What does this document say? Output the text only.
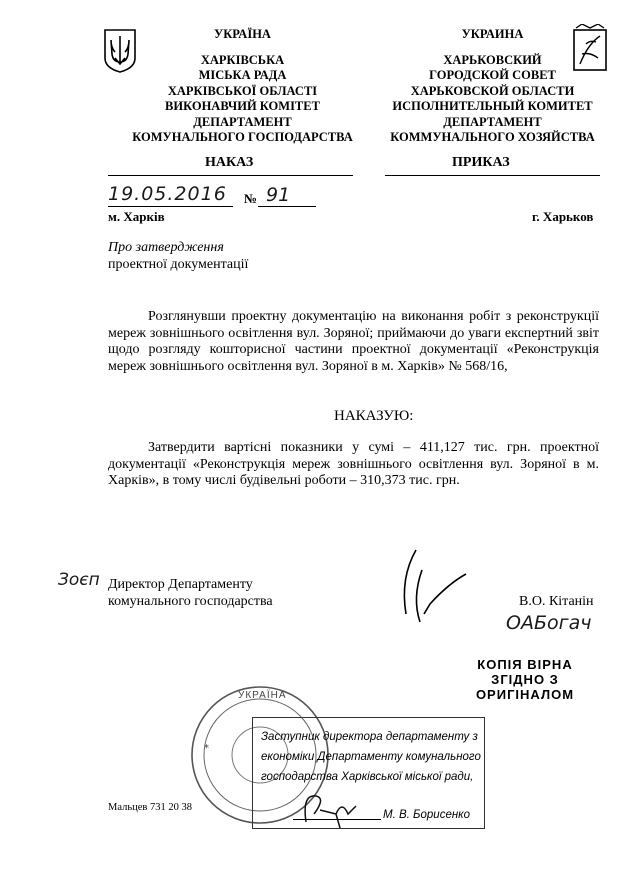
УКРАЇНА
ХАРКІВСЬКА
МІСЬКА РАДА
ХАРКІВСЬКОЇ ОБЛАСТІ
ВИКОНАВЧИЙ КОМІТЕТ
ДЕПАРТАМЕНТ
КОМУНАЛЬНОГО ГОСПОДАРСТВА
УКРАИНА
ХАРЬКОВСКИЙ
ГОРОДСКОЙ СОВЕТ
ХАРЬКОВСКОЙ ОБЛАСТИ
ИСПОЛНИТЕЛЬНЫЙ КОМИТЕТ
ДЕПАРТАМЕНТ
КОММУНАЛЬНОГО ХОЗЯЙСТВА
НАКАЗ	ПРИКАЗ
19.05.2016 № 91
м. Харків	г. Харьков
Про затвердження
проектної документації
Розглянувши проектну документацію на виконання робіт з реконструкції мереж зовнішнього освітлення вул. Зоряної; приймаючи до уваги експертний звіт щодо розгляду кошторисної частини проектної документації «Реконструкція мереж зовнішнього освітлення вул. Зоряної в м. Харків» № 568/16,
НАКАЗУЮ:
Затвердити вартісні показники у сумі – 411,127 тис. грн. проектної документації «Реконструкція мереж зовнішнього освітлення вул. Зоряної в м. Харків», в тому числі будівельні роботи – 310,373 тис. грн.
Зоєп Директор Департаменту
комунального господарства	В.О. Кітанін
ОАБогач
КОПІЯ ВІРНА
ЗГІДНО З
ОРИГІНАЛОМ
*
УКРАЇНА
Заступник директора департаменту з
економіки Департаменту комунального
господарства Харківської міської ради,
М. В. Борисенко
Мальцев 731 20 38
